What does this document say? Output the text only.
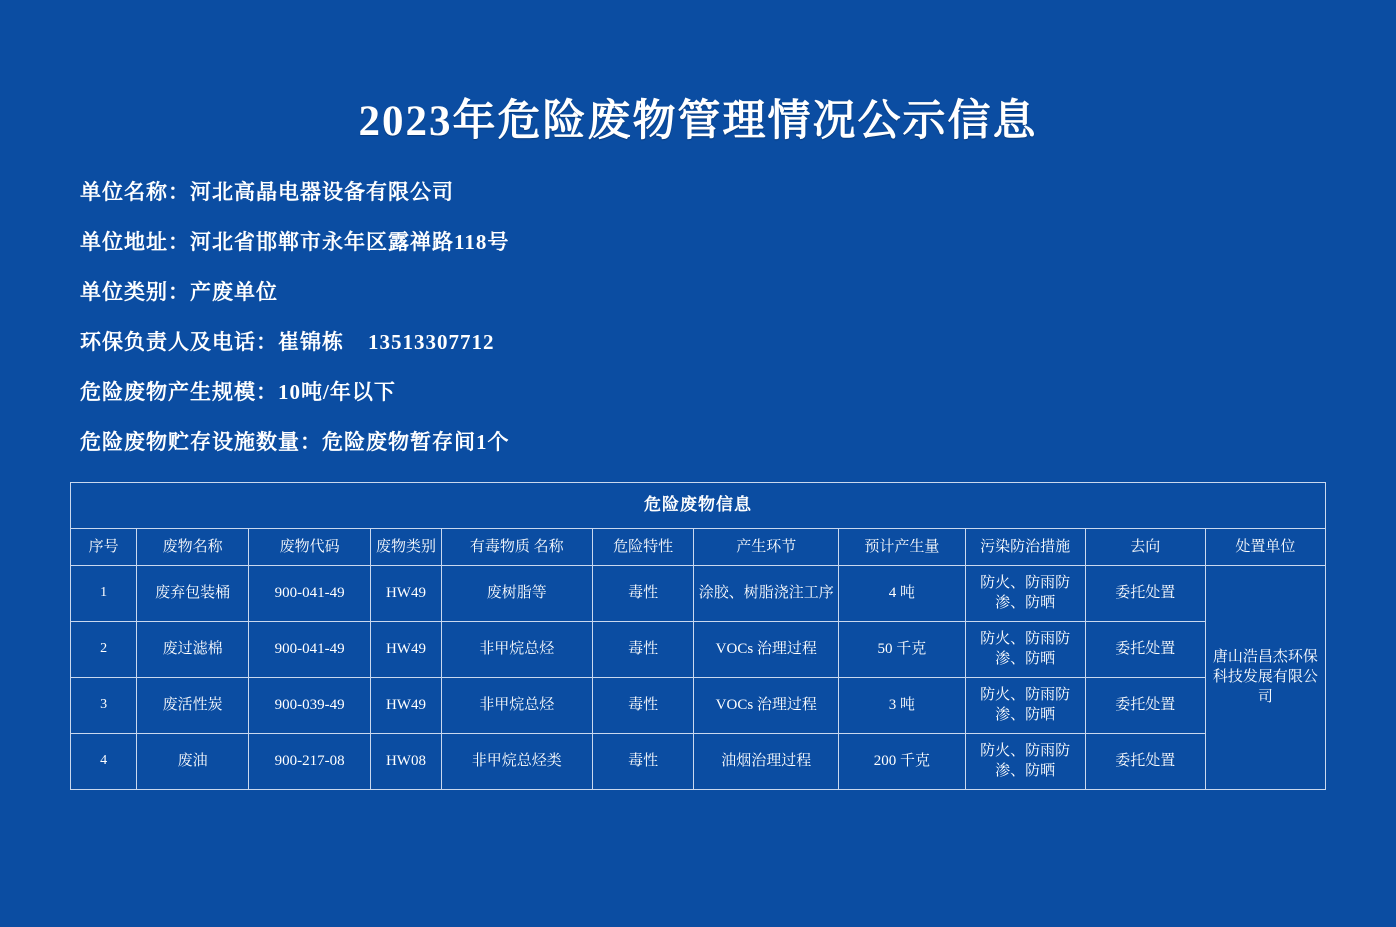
2023年危险废物管理情况公示信息
单位名称：河北高晶电器设备有限公司
单位地址：河北省邯郸市永年区露禅路118号
单位类别：产废单位
环保负责人及电话：崔锦栋 13513307712
危险废物产生规模：10吨/年以下
危险废物贮存设施数量：危险废物暂存间1个
危险废物信息										
序号	废物名称	废物代码	废物类别	有毒物质 名称	危险特性	产生环节	预计产生量	污染防治措施	去向	处置单位
1	废弃包装桶	900-041-49	HW49	废树脂等	毒性	涂胶、树脂浇注工序	4 吨	防火、防雨防渗、防晒	委托处置	唐山浩昌杰环保科技发展有限公司
2	废过滤棉	900-041-49	HW49	非甲烷总烃	毒性	VOCs 治理过程	50 千克	防火、防雨防渗、防晒	委托处置	
3	废活性炭	900-039-49	HW49	非甲烷总烃	毒性	VOCs 治理过程	3 吨	防火、防雨防渗、防晒	委托处置	
4	废油	900-217-08	HW08	非甲烷总烃类	毒性	油烟治理过程	200 千克	防火、防雨防渗、防晒	委托处置	
